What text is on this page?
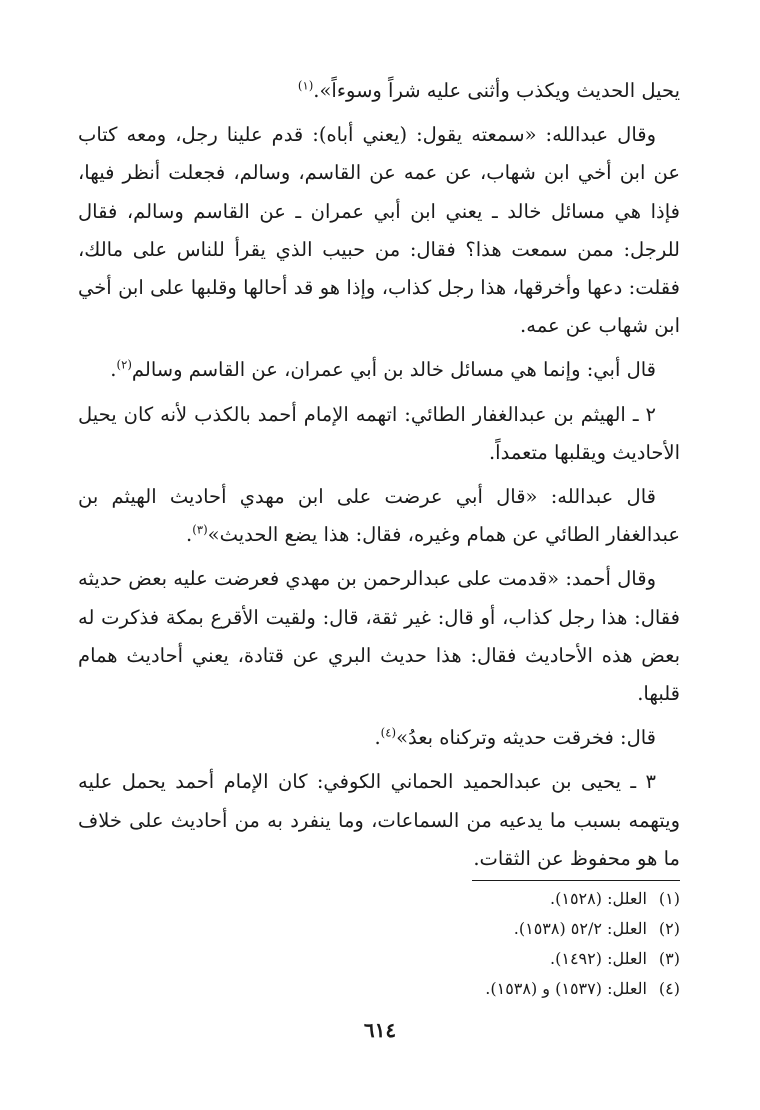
يحيل الحديث ويكذب وأثنى عليه شراً وسوءاً».$^{(١)}$

وقال عبدالله: «سمعته يقول: (يعني أباه): قدم علينا رجل، ومعه كتاب عن ابن أخي ابن شهاب، عن عمه عن القاسم، وسالم، فجعلت أنظر فيها، فإذا هي مسائل خالد ـ يعني ابن أبي عمران ـ عن القاسم وسالم، فقال للرجل: ممن سمعت هذا؟ فقال: من حبيب الذي يقرأ للناس على مالك، فقلت: دعها وأخرقها، هذا رجل كذاب، وإذا هو قد أحالها وقلبها على ابن أخي ابن شهاب عن عمه.

قال أبي: وإنما هي مسائل خالد بن أبي عمران، عن القاسم وسالم$^{(٢)}$.

٢ ـ الهيثم بن عبدالغفار الطائي: اتهمه الإمام أحمد بالكذب لأنه كان يحيل الأحاديث ويقلبها متعمداً.

قال عبدالله: «قال أبي عرضت على ابن مهدي أحاديث الهيثم بن عبدالغفار الطائي عن همام وغيره، فقال: هذا يضع الحديث»$^{(٣)}$.

وقال أحمد: «قدمت على عبدالرحمن بن مهدي فعرضت عليه بعض حديثه فقال: هذا رجل كذاب، أو قال: غير ثقة، قال: ولقيت الأقرع بمكة فذكرت له بعض هذه الأحاديث فقال: هذا حديث البري عن قتادة، يعني أحاديث همام قلبها.

قال: فخرقت حديثه وتركناه بعدُ»$^{(٤)}$.

٣ ـ يحيى بن عبدالحميد الحماني الكوفي: كان الإمام أحمد يحمل عليه ويتهمه بسبب ما يدعيه من السماعات، وما ينفرد به من أحاديث على خلاف ما هو محفوظ عن الثقات.

(١)العلل: (١٥٢٨).
(٢)العلل: ٥٢/٢ (١٥٣٨).
(٣)العلل: (١٤٩٢).
(٤)العلل: (١٥٣٧) و (١٥٣٨).
٦١٤
